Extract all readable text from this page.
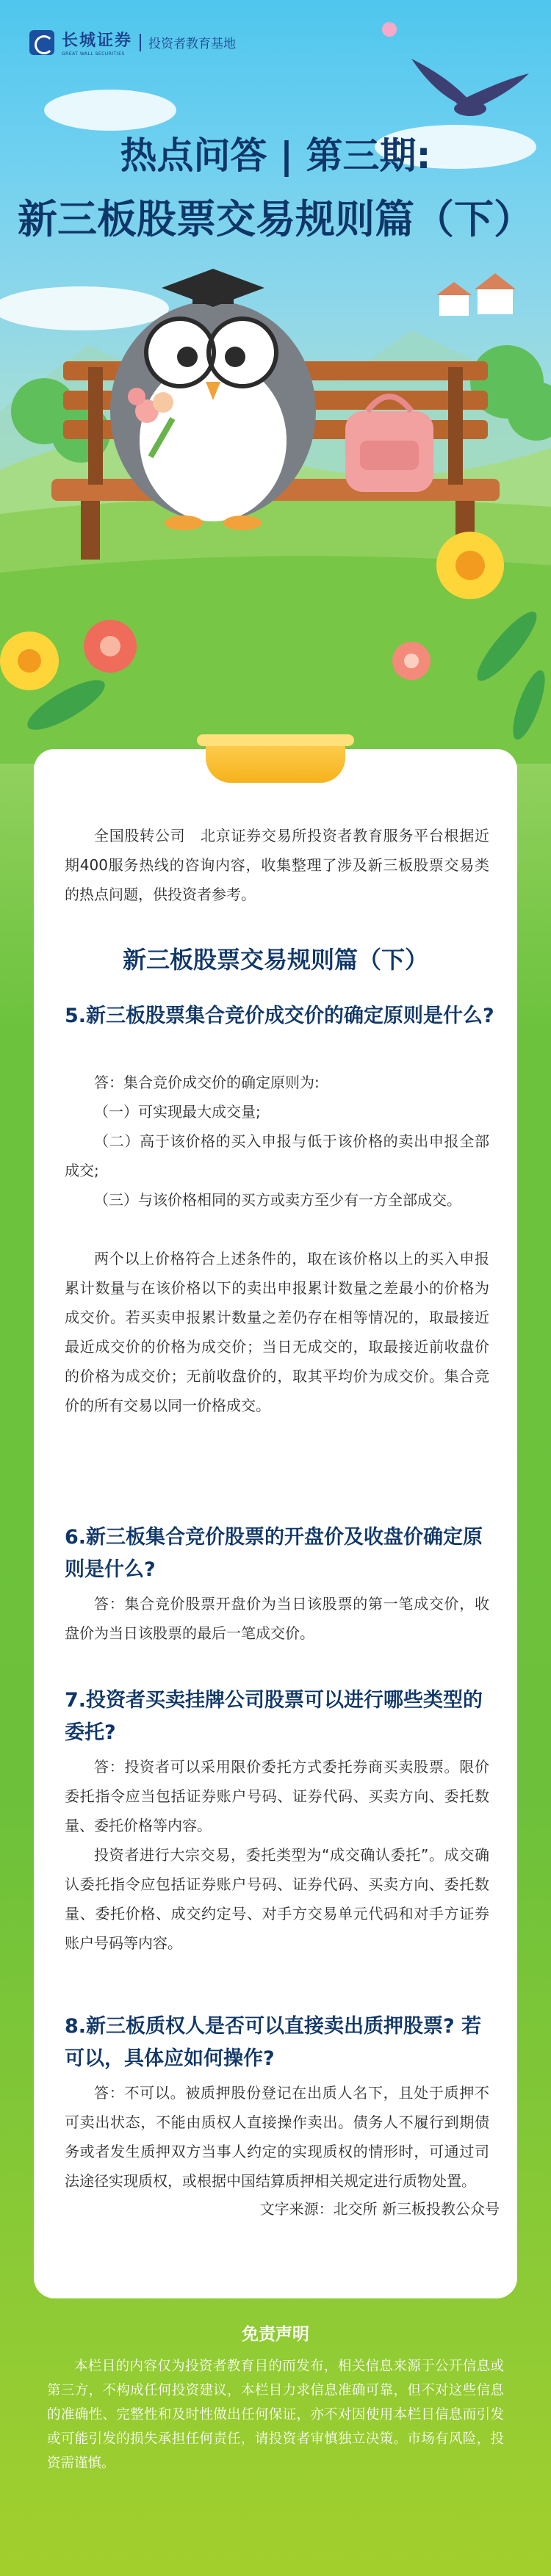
长城证券
GREAT WALL SECURITIES
投资者教育基地
热点问答 | 第三期:
新三板股票交易规则篇（下）

全国股转公司　北京证券交易所投资者教育服务平台根据近期400服务热线的咨询内容，收集整理了涉及新三板股票交易类的热点问题，供投资者参考。

新三板股票交易规则篇（下）

5.新三板股票集合竞价成交价的确定原则是什么?

答：集合竞价成交价的确定原则为:

（一）可实现最大成交量;

（二）高于该价格的买入申报与低于该价格的卖出申报全部成交;

（三）与该价格相同的买方或卖方至少有一方全部成交。

两个以上价格符合上述条件的，取在该价格以上的买入申报累计数量与在该价格以下的卖出申报累计数量之差最小的价格为成交价。若买卖申报累计数量之差仍存在相等情况的，取最接近最近成交价的价格为成交价；当日无成交的，取最接近前收盘价的价格为成交价；无前收盘价的，取其平均价为成交价。集合竞价的所有交易以同一价格成交。

6.新三板集合竞价股票的开盘价及收盘价确定原则是什么?

答：集合竞价股票开盘价为当日该股票的第一笔成交价，收盘价为当日该股票的最后一笔成交价。

7.投资者买卖挂牌公司股票可以进行哪些类型的委托?

答：投资者可以采用限价委托方式委托券商买卖股票。限价委托指令应当包括证券账户号码、证券代码、买卖方向、委托数量、委托价格等内容。

投资者进行大宗交易，委托类型为“成交确认委托”。成交确认委托指令应包括证券账户号码、证券代码、买卖方向、委托数量、委托价格、成交约定号、对手方交易单元代码和对手方证券账户号码等内容。

8.新三板质权人是否可以直接卖出质押股票? 若可以，具体应如何操作?

答：不可以。被质押股份登记在出质人名下，且处于质押不可卖出状态，不能由质权人直接操作卖出。债务人不履行到期债务或者发生质押双方当事人约定的实现质权的情形时，可通过司法途径实现质权，或根据中国结算质押相关规定进行质物处置。

文字来源：北交所 新三板投教公众号
免责声明

本栏目的内容仅为投资者教育目的而发布，相关信息来源于公开信息或第三方，不构成任何投资建议，本栏目力求信息准确可靠，但不对这些信息的准确性、完整性和及时性做出任何保证，亦不对因使用本栏目信息而引发或可能引发的损失承担任何责任，请投资者审慎独立决策。市场有风险，投资需谨慎。
